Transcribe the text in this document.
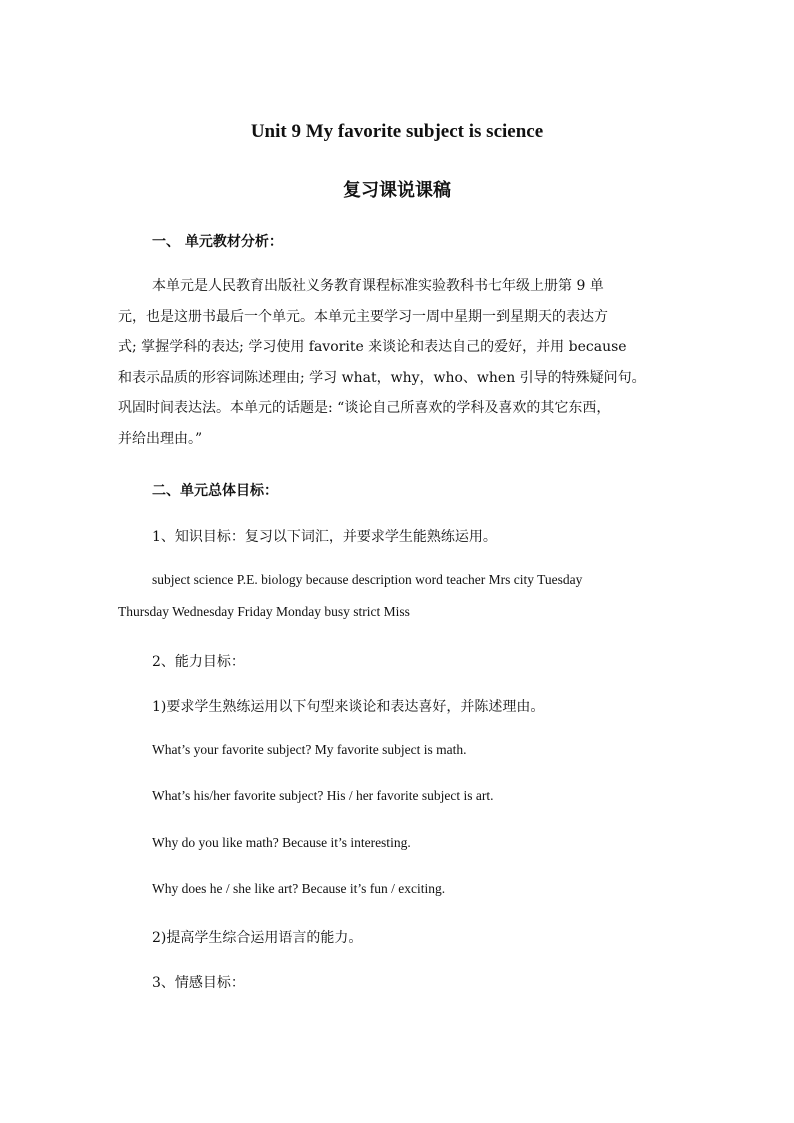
Unit 9 My favorite subject is science
复习课说课稿
一、 单元教材分析：
本单元是人民教育出版社义务教育课程标准实验教科书七年级上册第 9 单
元，也是这册书最后一个单元。本单元主要学习一周中星期一到星期天的表达方
式; 掌握学科的表达; 学习使用 favorite 来谈论和表达自己的爱好，并用 because
和表示品质的形容词陈述理由; 学习 what，why，who、when 引导的特殊疑问句。
巩固时间表达法。本单元的话题是: “谈论自己所喜欢的学科及喜欢的其它东西，
并给出理由。”
二、单元总体目标：
1、知识目标：复习以下词汇，并要求学生能熟练运用。
subject science P.E. biology because description word teacher Mrs city Tuesday
Thursday Wednesday Friday Monday busy strict Miss
2、能力目标：
1)要求学生熟练运用以下句型来谈论和表达喜好，并陈述理由。
What’s your favorite subject? My favorite subject is math.
What’s his/her favorite subject? His / her favorite subject is art.
Why do you like math? Because it’s interesting.
Why does he / she like art? Because it’s fun / exciting.
2)提高学生综合运用语言的能力。
3、情感目标：
